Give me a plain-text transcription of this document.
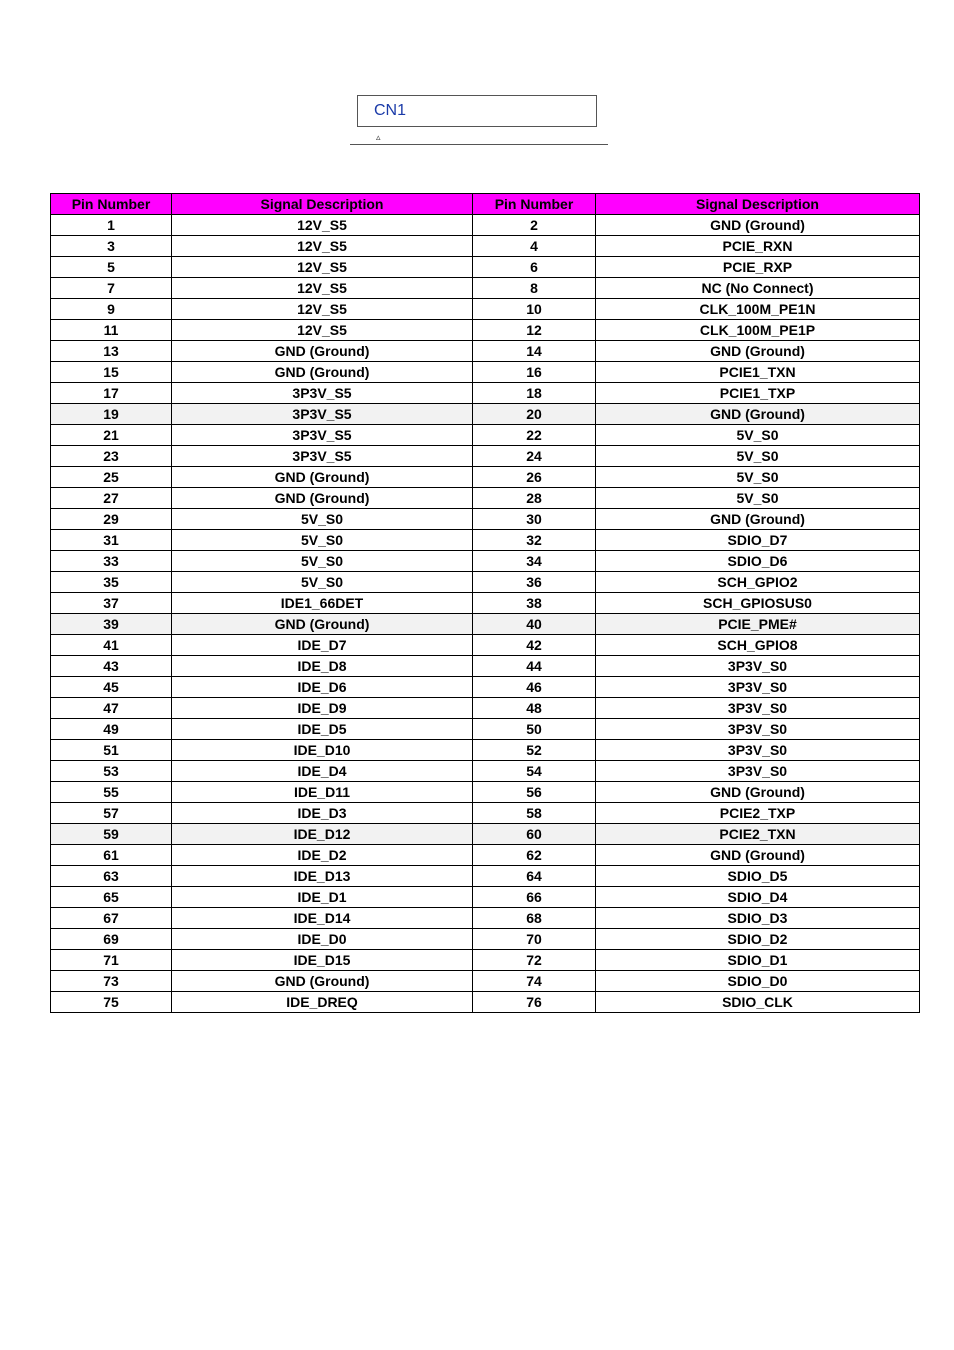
CN1
▵
Pin Number	Signal Description	Pin Number	Signal Description
1	12V_S5	2	GND (Ground)
3	12V_S5	4	PCIE_RXN
5	12V_S5	6	PCIE_RXP
7	12V_S5	8	NC (No Connect)
9	12V_S5	10	CLK_100M_PE1N
11	12V_S5	12	CLK_100M_PE1P
13	GND (Ground)	14	GND (Ground)
15	GND (Ground)	16	PCIE1_TXN
17	3P3V_S5	18	PCIE1_TXP
19	3P3V_S5	20	GND (Ground)
21	3P3V_S5	22	5V_S0
23	3P3V_S5	24	5V_S0
25	GND (Ground)	26	5V_S0
27	GND (Ground)	28	5V_S0
29	5V_S0	30	GND (Ground)
31	5V_S0	32	SDIO_D7
33	5V_S0	34	SDIO_D6
35	5V_S0	36	SCH_GPIO2
37	IDE1_66DET	38	SCH_GPIOSUS0
39	GND (Ground)	40	PCIE_PME#
41	IDE_D7	42	SCH_GPIO8
43	IDE_D8	44	3P3V_S0
45	IDE_D6	46	3P3V_S0
47	IDE_D9	48	3P3V_S0
49	IDE_D5	50	3P3V_S0
51	IDE_D10	52	3P3V_S0
53	IDE_D4	54	3P3V_S0
55	IDE_D11	56	GND (Ground)
57	IDE_D3	58	PCIE2_TXP
59	IDE_D12	60	PCIE2_TXN
61	IDE_D2	62	GND (Ground)
63	IDE_D13	64	SDIO_D5
65	IDE_D1	66	SDIO_D4
67	IDE_D14	68	SDIO_D3
69	IDE_D0	70	SDIO_D2
71	IDE_D15	72	SDIO_D1
73	GND (Ground)	74	SDIO_D0
75	IDE_DREQ	76	SDIO_CLK
